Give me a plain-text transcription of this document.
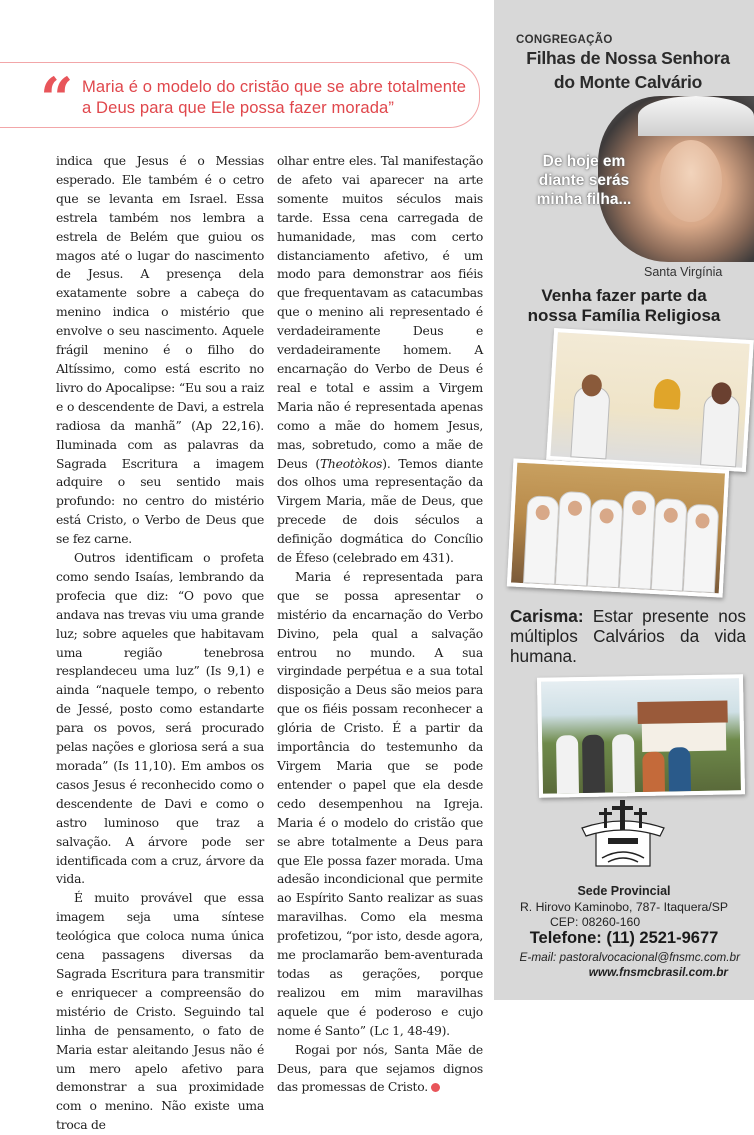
“ Maria é o modelo do cristão que se abre totalmente a Deus para que Ele possa fazer morada”

indica que Jesus é o Messias esperado. Ele também é o cetro que se levanta em Israel. Essa estrela também nos lembra a estrela de Belém que guiou os magos até o lugar do nascimento de Jesus. A presença dela exatamente sobre a cabeça do menino indica o mistério que envolve o seu nascimento. Aquele frágil menino é o filho do Altíssimo, como está escrito no livro do Apocalipse: “Eu sou a raiz e o descendente de Davi, a estrela radiosa da manhã” (Ap 22,16). Iluminada com as palavras da Sagrada Escritura a imagem adquire o seu sentido mais profundo: no centro do mistério está Cristo, o Verbo de Deus que se fez carne.

Outros identificam o profeta como sendo Isaías, lembrando da profecia que diz: “O povo que andava nas trevas viu uma grande luz; sobre aqueles que habitavam uma região tenebrosa resplandeceu uma luz” (Is 9,1) e ainda “naquele tempo, o rebento de Jessé, posto como estandarte para os povos, será procurado pelas nações e gloriosa será a sua morada” (Is 11,10). Em ambos os casos Jesus é reconhecido como o descendente de Davi e como o astro luminoso que traz a salvação. A árvore pode ser identificada com a cruz, árvore da vida.

É muito provável que essa imagem seja uma síntese teológica que coloca numa única cena passagens diversas da Sagrada Escritura para transmitir e enriquecer a compreensão do mistério de Cristo. Seguindo tal linha de pensamento, o fato de Maria estar aleitando Jesus não é um mero apelo afetivo para demonstrar a sua proximidade com o menino. Não existe uma troca de

olhar entre eles. Tal manifestação de afeto vai aparecer na arte somente muitos séculos mais tarde. Essa cena carregada de humanidade, mas com certo distanciamento afetivo, é um modo para demonstrar aos fiéis que frequentavam as catacumbas que o menino ali representado é verdadeiramente Deus e verdadeiramente homem. A encarnação do Verbo de Deus é real e total e assim a Virgem Maria não é representada apenas como a mãe do homem Jesus, mas, sobretudo, como a mãe de Deus (Theotòkos). Temos diante dos olhos uma representação da Virgem Maria, mãe de Deus, que precede de dois séculos a definição dogmática do Concílio de Éfeso (celebrado em 431).

Maria é representada para que se possa apresentar o mistério da encarnação do Verbo Divino, pela qual a salvação entrou no mundo. A sua virgindade perpétua e a sua total disposição a Deus são meios para que os fiéis possam reconhecer a glória de Cristo. É a partir da importância do testemunho da Virgem Maria que se pode entender o papel que ela desde cedo desempenhou na Igreja. Maria é o modelo do cristão que se abre totalmente a Deus para que Ele possa fazer morada. Uma adesão incondicional que permite ao Espírito Santo realizar as suas maravilhas. Como ela mesma profetizou, “por isto, desde agora, me proclamarão bem-aventurada todas as gerações, porque realizou em mim maravilhas aquele que é poderoso e cujo nome é Santo” (Lc 1, 48-49).

Rogai por nós, Santa Mãe de Deus, para que sejamos dignos das promessas de Cristo.

CONGREGAÇÃO
Filhas de Nossa Senhora
do Monte Calvário
De hoje em diante serás minha filha...
Santa Virgínia
Venha fazer parte da
nossa Família Religiosa
Carisma: Estar presente nos múltiplos Calvários da vida humana.
Sede Provincial
R. Hirovo Kaminobo, 787- Itaquera/SP
CEP: 08260-160
Telefone: (11) 2521-9677
E-mail: pastoralvocacional@fnsmc.com.br
www.fnsmcbrasil.com.br
